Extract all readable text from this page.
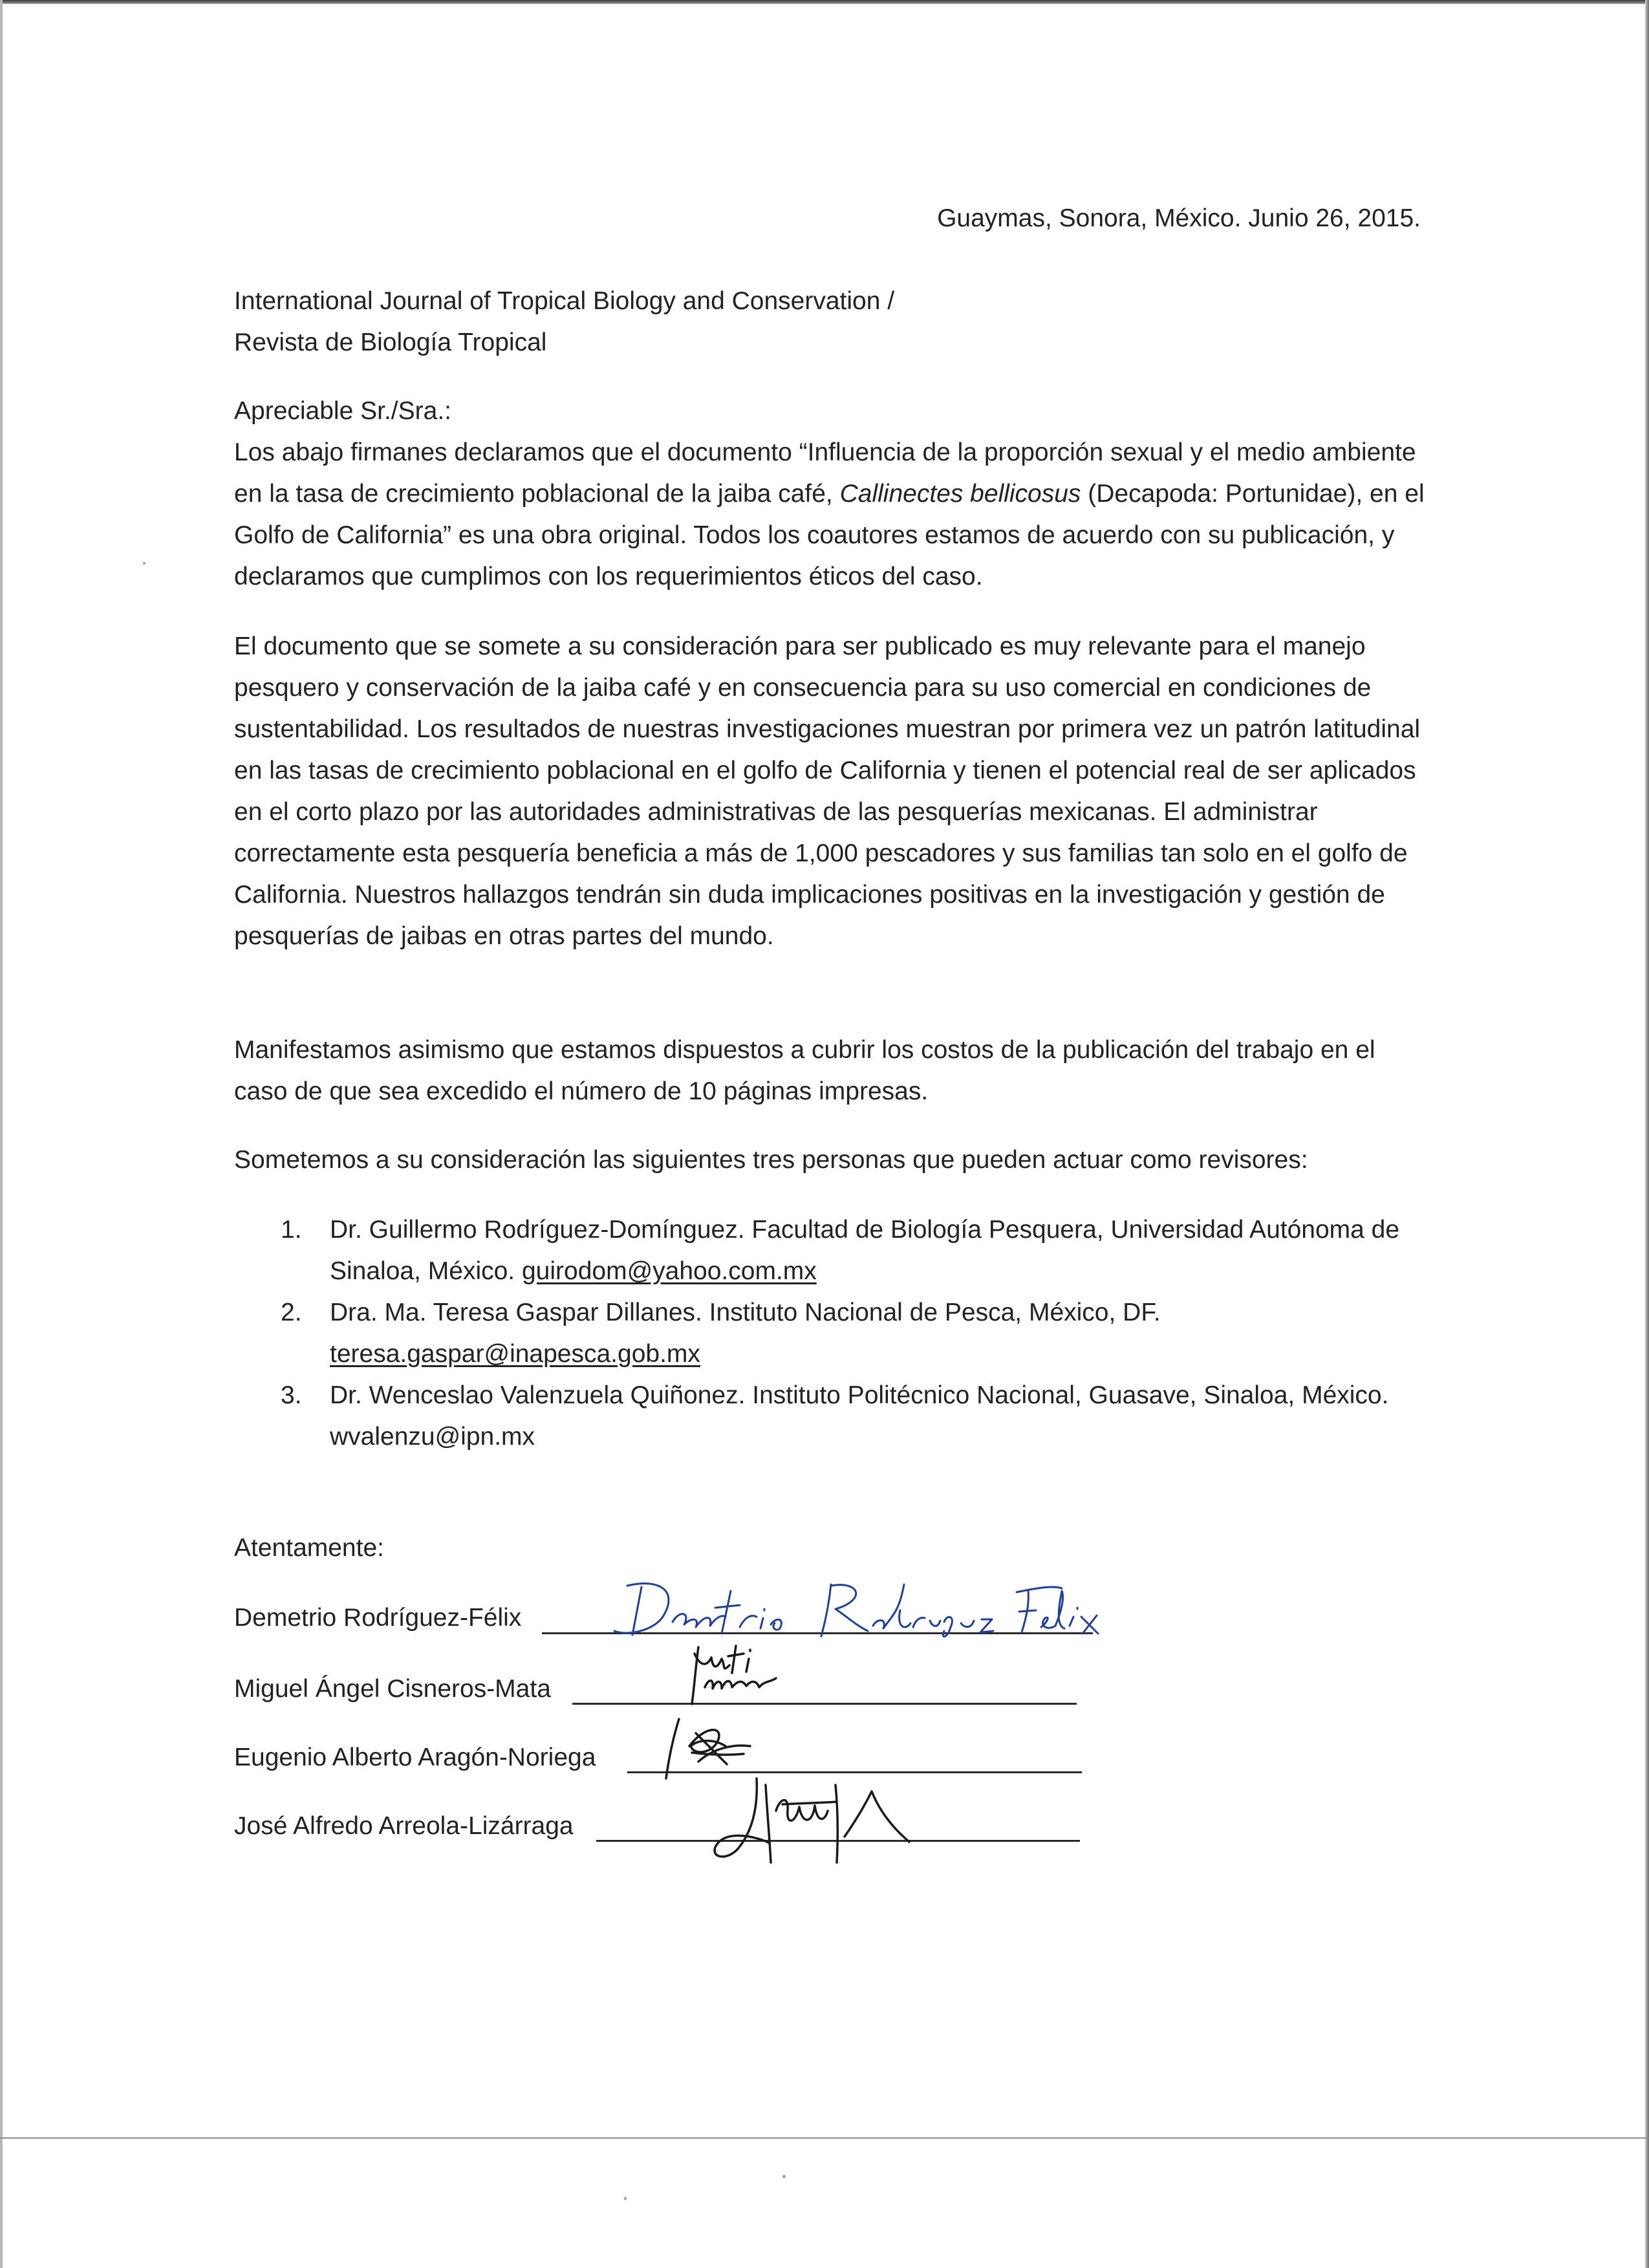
Guaymas, Sonora, México. Junio 26, 2015.
International Journal of Tropical Biology and Conservation /
Revista de Biología Tropical
Apreciable Sr./Sra.:
Los abajo firmanes declaramos que el documento “Influencia de la proporción sexual y el medio ambiente en la tasa de crecimiento poblacional de la jaiba café, Callinectes bellicosus (Decapoda: Portunidae), en el Golfo de California” es una obra original. Todos los coautores estamos de acuerdo con su publicación, y declaramos que cumplimos con los requerimientos éticos del caso.
El documento que se somete a su consideración para ser publicado es muy relevante para el manejo pesquero y conservación de la jaiba café y en consecuencia para su uso comercial en condiciones de sustentabilidad. Los resultados de nuestras investigaciones muestran por primera vez un patrón latitudinal en las tasas de crecimiento poblacional en el golfo de California y tienen el potencial real de ser aplicados en el corto plazo por las autoridades administrativas de las pesquerías mexicanas. El administrar correctamente esta pesquería beneficia a más de 1,000 pescadores y sus familias tan solo en el golfo de California. Nuestros hallazgos tendrán sin duda implicaciones positivas en la investigación y gestión de pesquerías de jaibas en otras partes del mundo.
Manifestamos asimismo que estamos dispuestos a cubrir los costos de la publicación del trabajo en el caso de que sea excedido el número de 10 páginas impresas.
Sometemos a su consideración las siguientes tres personas que pueden actuar como revisores:
1. Dr. Guillermo Rodríguez-Domínguez. Facultad de Biología Pesquera, Universidad Autónoma de Sinaloa, México. guirodom@yahoo.com.mx
2. Dra. Ma. Teresa Gaspar Dillanes. Instituto Nacional de Pesca, México, DF. teresa.gaspar@inapesca.gob.mx
3. Dr. Wenceslao Valenzuela Quiñonez. Instituto Politécnico Nacional, Guasave, Sinaloa, México. wvalenzu@ipn.mx
Atentamente:
Demetrio Rodríguez-Félix
Miguel Ángel Cisneros-Mata
Eugenio Alberto Aragón-Noriega
José Alfredo Arreola-Lizárraga
